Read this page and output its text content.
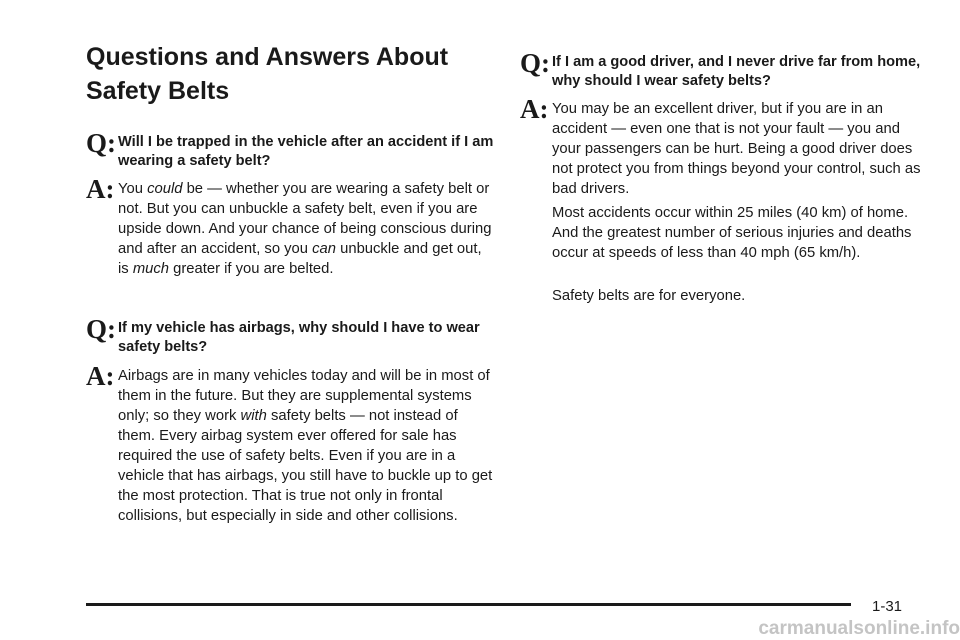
Questions and Answers About Safety Belts
Q: Will I be trapped in the vehicle after an accident if I am wearing a safety belt?
A: You could be — whether you are wearing a safety belt or not. But you can unbuckle a safety belt, even if you are upside down. And your chance of being conscious during and after an accident, so you can unbuckle and get out, is much greater if you are belted.

Q: If my vehicle has airbags, why should I have to wear safety belts?
A: Airbags are in many vehicles today and will be in most of them in the future. But they are supplemental systems only; so they work with safety belts — not instead of them. Every airbag system ever offered for sale has required the use of safety belts. Even if you are in a vehicle that has airbags, you still have to buckle up to get the most protection. That is true not only in frontal collisions, but especially in side and other collisions.

Q: If I am a good driver, and I never drive far from home, why should I wear safety belts?
A: You may be an excellent driver, but if you are in an accident — even one that is not your fault — you and your passengers can be hurt. Being a good driver does not protect you from things beyond your control, such as bad drivers.

Most accidents occur within 25 miles (40 km) of home. And the greatest number of serious injuries and deaths occur at speeds of less than 40 mph (65 km/h).

Safety belts are for everyone.

1-31
carmanualsonline.info
